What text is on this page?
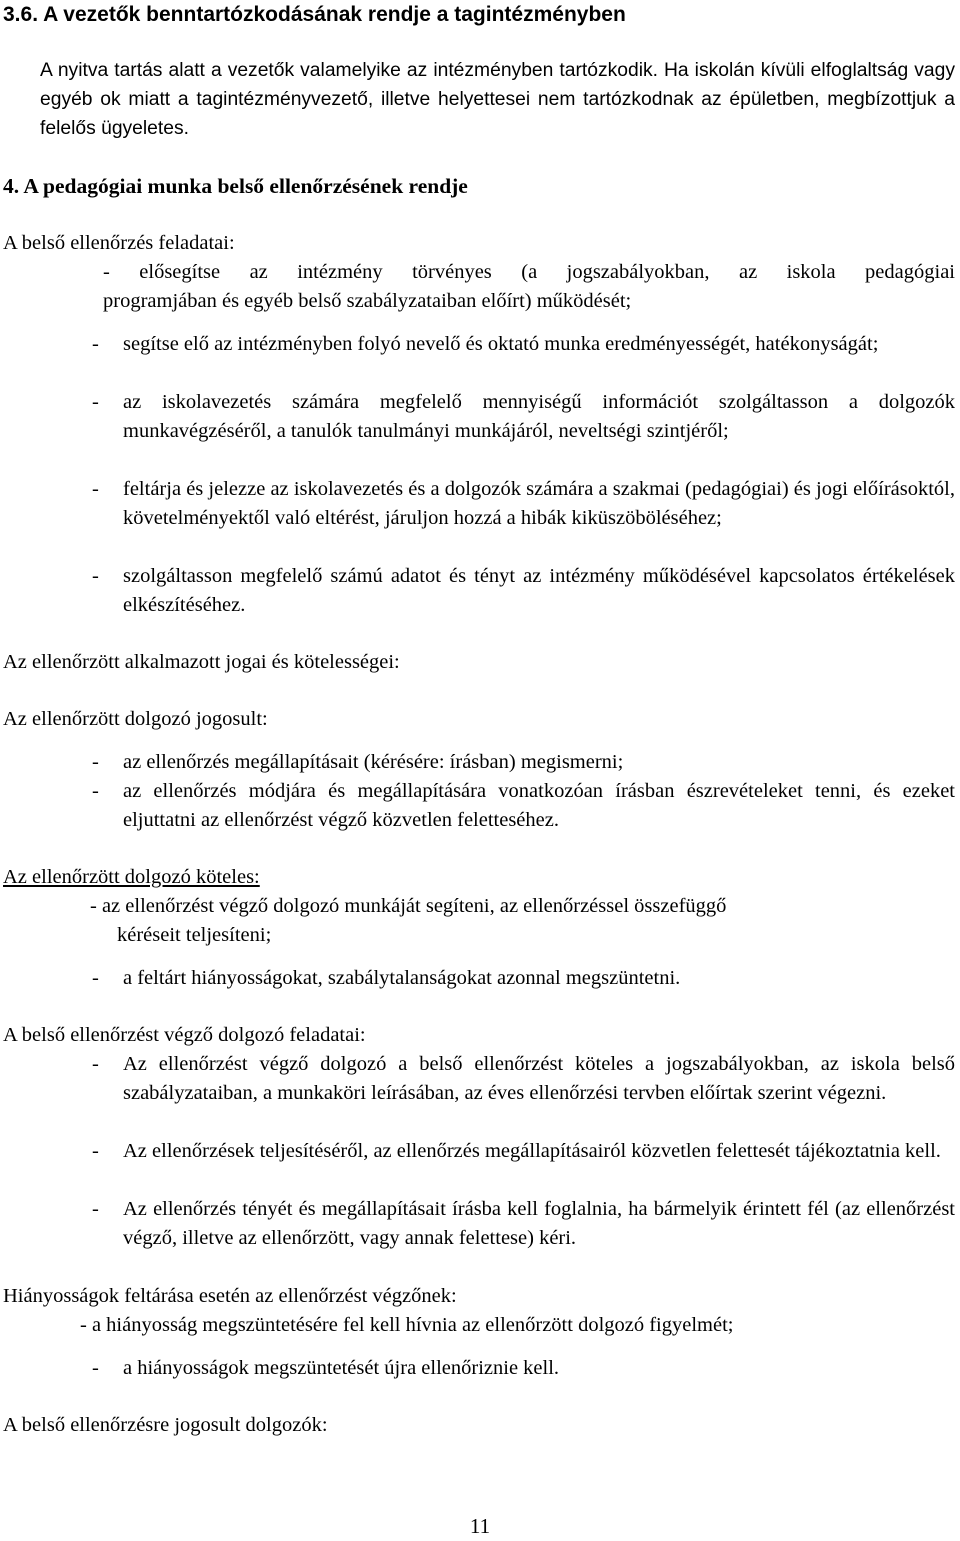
3.6. A vezetők benntartózkodásának rendje a tagintézményben
A nyitva tartás alatt a vezetők valamelyike az intézményben tartózkodik. Ha iskolán kívüli elfoglaltság vagy egyéb ok miatt a tagintézményvezető, illetve helyettesei nem tartózkodnak az épületben, megbízottjuk a felelős ügyeletes.
4. A pedagógiai munka belső ellenőrzésének rendje
A belső ellenőrzés feladatai:
- elősegítse az intézmény törvényes (a jogszabályokban, az iskola pedagógiai
programjában és egyéb belső szabályzataiban előírt) működését;
- segítse elő az intézményben folyó nevelő és oktató munka eredményességét, hatékonyságát;
- az iskolavezetés számára megfelelő mennyiségű információt szolgáltasson a dolgozók munkavégzéséről, a tanulók tanulmányi munkájáról, neveltségi szintjéről;
- feltárja és jelezze az iskolavezetés és a dolgozók számára a szakmai (pedagógiai) és jogi előírásoktól, követelményektől való eltérést, járuljon hozzá a hibák kiküszöböléséhez;
- szolgáltasson megfelelő számú adatot és tényt az intézmény működésével kapcsolatos értékelések elkészítéséhez.
Az ellenőrzött alkalmazott jogai és kötelességei:
Az ellenőrzött dolgozó jogosult:
- az ellenőrzés megállapításait (kérésére: írásban) megismerni;
- az ellenőrzés módjára és megállapítására vonatkozóan írásban észrevételeket tenni, és ezeket eljuttatni az ellenőrzést végző közvetlen feletteséhez.
Az ellenőrzött dolgozó köteles:
- az ellenőrzést végző dolgozó munkáját segíteni, az ellenőrzéssel összefüggő
kéréseit teljesíteni;
- a feltárt hiányosságokat, szabálytalanságokat azonnal megszüntetni.
A belső ellenőrzést végző dolgozó feladatai:
- Az ellenőrzést végző dolgozó a belső ellenőrzést köteles a jogszabályokban, az iskola belső szabályzataiban, a munkaköri leírásában, az éves ellenőrzési tervben előírtak szerint végezni.
- Az ellenőrzések teljesítéséről, az ellenőrzés megállapításairól közvetlen felettesét tájékoztatnia kell.
- Az ellenőrzés tényét és megállapításait írásba kell foglalnia, ha bármelyik érintett fél (az ellenőrzést végző, illetve az ellenőrzött, vagy annak felettese) kéri.
Hiányosságok feltárása esetén az ellenőrzést végzőnek:
- a hiányosság megszüntetésére fel kell hívnia az ellenőrzött dolgozó figyelmét;
- a hiányosságok megszüntetését újra ellenőriznie kell.
A belső ellenőrzésre jogosult dolgozók:
11
